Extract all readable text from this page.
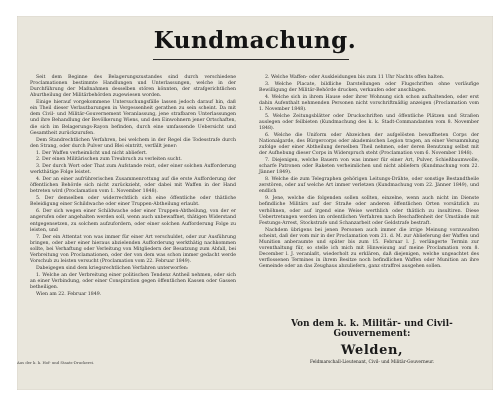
Kundmachung.

Seit dem Beginne des Belagerungszustandes sind durch verschiedene Proclamationen bestimmte Handlungen und Unterlassungen, welche in der Durchführung der Maßnahmen desselben stören könnten, der strafgerichtlichen Aburtheilung der Militärbehörden zugewiesen worden.

Einige hierauf vorgekommene Untersuchungsfälle lassen jedoch darauf hin, daß ein Theil dieser Verlautbarungen in Vergessenheit gerathen zu sein scheint. Da mit dem Civil- und Militär-Gouvernement Veranlassung, jene strafbaren Unterlassungen und ihre Behandlung der Bevölkerung Wiens, und den Einwohnern jener Ortschaften, die sich im Belagerungs-Rayon befinden, durch eine umfassende Uebersicht und Gesamtheit zurückzurufen.

Dem Standrechtlichen Verfahren, bei welchem in der Regel die Todesstrafe durch den Strang, oder durch Pulver und Blei eintritt, verfällt jener:

1. Der Waffen verheimlicht und nicht abliefert.

2. Der einen Militärischen zum Treubruch zu verleiten sucht.

3. Der durch Wort oder That zum Aufstande reizt, oder einer solchen Aufforderung werkthätige Folge leistet.

4. Der an einer aufrührerischen Zusammenrottung auf die erste Aufforderung der öffentlichen Behörde sich nicht zurückzieht, oder dabei mit Waffen in der Hand betreten wird (Proclamation vom 1. November 1848).

5. Der demselben oder widerrechtlich sich eine öffentliche oder thätliche Beleidigung einer Schildwache oder einer Truppen-Abtheilung erlaubt.

6. Der sich wegen einer Schildwache oder einer Truppen-Abtheilung, von der er angerufen oder angehalten werden soll, wenn auch unbewaffnet, thätigen Widerstand entgegensetzen, zu solchem aufzufordern, oder einer solchen Aufforderung Folge zu leisten, und

7. Der ein Attentat von was immer für einer Art verschuldet, oder zur Ausführung bringen, oder aber einer hieraus abzielenden Aufforderung werkthätig nachkommen sollte, bei Verhaftung oder Verleitung von Mitgliedern der Besatzung zum Abfall, bei Verbreitung von Proclamationen, oder der von dem was schon immer gedacht werde Vorschub zu leisten versucht (Proclamation vom 22. Februar 1849).

Dabeigegen sind dem kriegsrechtlichen Verfahren unterworfen:

1. Welche an der Verbreitung einer politischen Tendenz Antheil nehmen, oder sich an einer Verbindung, oder einer Conspiration gegen öffentlichen Kassen oder Gassen betheiligen.

Wien am 22. Februar 1849.

2. Welche Waffen- oder Auskleidungen bis zum 11 Uhr Nachts offen halten.

3. Welche Placate, bildliche Darstellungen oder Flugschriften ohne vorläufige Bewilligung der Militär-Behörde drucken, verkaufen oder anschlagen.

4. Welche sich in ihrem Hause oder ihrer Wohnung sich schon aufhaltenden, oder erst dahin Aufenthalt nehmenden Personen nicht vorschriftmäßig anzeigen (Proclamation vom 1. November 1848).

5. Welche Zeitungsblätter oder Druckschriften und öffentliche Plätzen und Straßen auslegen oder feilbieten (Kundmachung des k. k. Stadt-Commandanten vom 8. November 1848).

6. Welche die Uniform oder Abzeichen der aufgelösten bewaffneten Corps der Nationalgarde, des Bürgercorps oder akademischen Legion tragen, an einer Versammlung zufolge oder einer Abtheilung derselben Theil nehmen, oder deren Benutzung selbst mit der Aufhebung dieser Corps in Widerspruch steht (Proclamation vom 6. November 1848).

7. Diejenigen, welche Bauern von was immer für einer Art, Pulver, Schießbaumwolle, scharfe Patronen oder Raketen verheimlichen und nicht abliefern (Kundmachung vom 22. Jänner 1849).

8. Welche die zum Telegraphen gehörigen Leitungs-Drähte, oder sonstige Bestandtheile zerstören, oder auf welche Art immer verletzen (Kundmachung vom 22. Jänner 1849), und endlich

9. Jene, welche die folgenden sollen sollten, einzelne, wenn auch nicht im Dienste befindliche Militärs auf der Straße oder anderen öffentlichen Orten vorsätzlich zu verhöhnen, oder auf irgend eine Weise werthlich oder thätlich zu insultiren. Diese Uebertretungen werden im ordentlichen Verfahren nach Beschaffenheit der Umstände mit Festungs-Arrest, Stockstrafe und Schanzarbeit oder Geldstrafe bestraft.

Nachdem übrigens bei jenen Personen auch immer die irrige Meinung vorzuwalten scheint, daß der vom mir in der Proclamation vom 21. d. M. zur Ablieferung der Waffen und Munition anberaumte und später bis zum 15. Februar l. J. verlängerte Termin zur vorenthaltung für, so stelle ich mich mit Hinweisung auf meine Proclamation vom 8. December l. J. veranlaßt, wiederholt zu erklären, daß diejenigen, welche ungeachtet des verflossenen Termines in ihrem Besitze noch befindlichen Waffen oder Munition an ihre Gemeinde oder an das Zeughaus abzuliefern, ganz straffrei ausgehen sollen.

Von dem k. k. Militär- und Civil-Gouvernement:
Welden,
Feldmarschall-Lieutenant, Civil- und Militär-Gouverneur.
Aus der k. k. Hof- und Staats-Druckerei.
